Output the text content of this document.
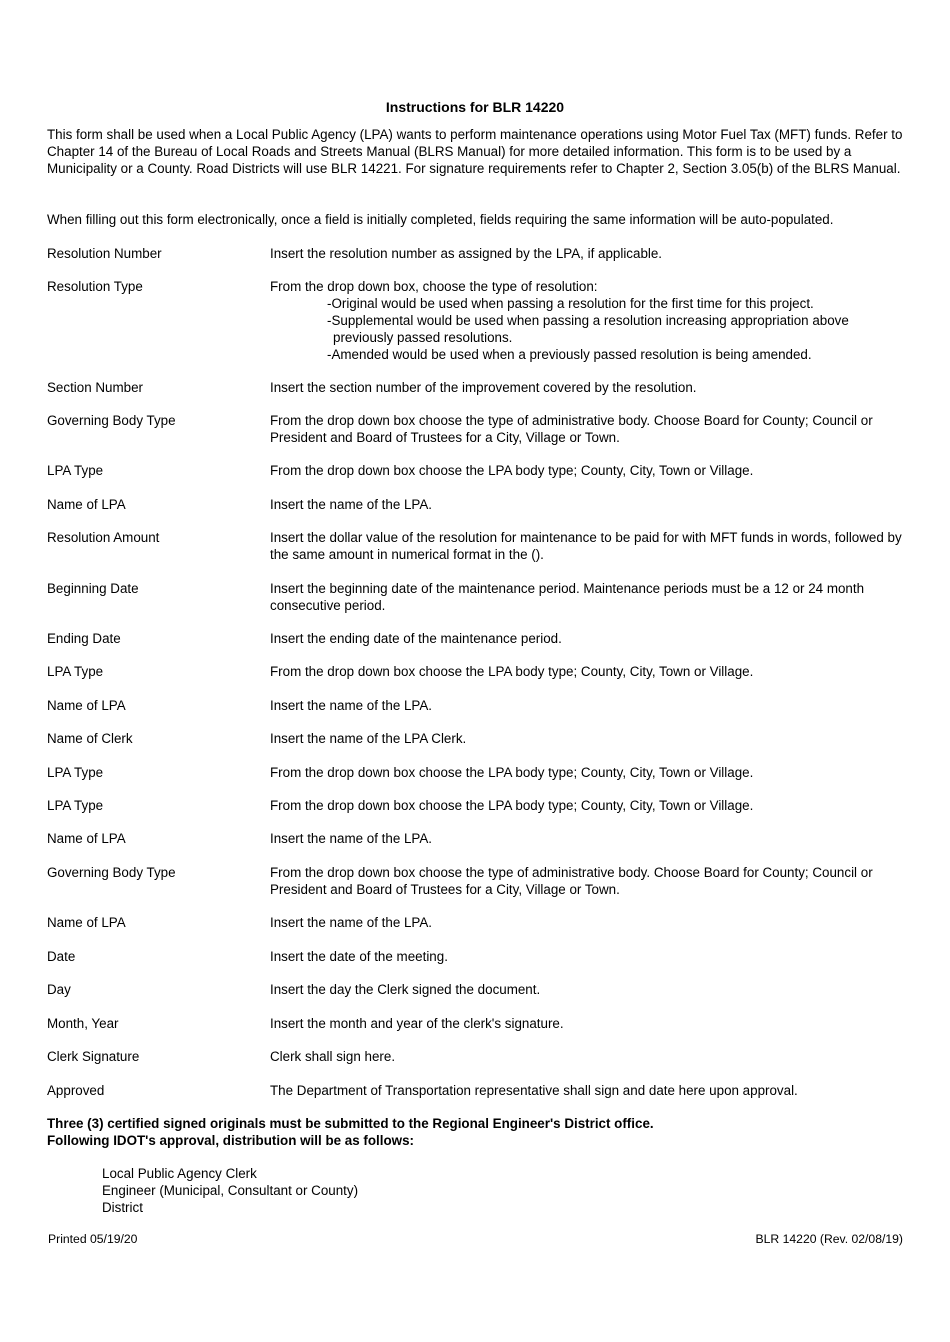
Instructions for BLR 14220

This form shall be used when a Local Public Agency (LPA) wants to perform maintenance operations using Motor Fuel Tax (MFT) funds. Refer to Chapter 14 of the Bureau of Local Roads and Streets Manual (BLRS Manual) for more detailed information. This form is to be used by a Municipality or a County. Road Districts will use BLR 14221. For signature requirements refer to Chapter 2, Section 3.05(b) of the BLRS Manual.

When filling out this form electronically, once a field is initially completed, fields requiring the same information will be auto-populated.

Resolution Number	Insert the resolution number as assigned by the LPA, if applicable.
Resolution Type	From the drop down box, choose the type of resolution:
-Original would be used when passing a resolution for the first time for this project.
-Supplemental would be used when passing a resolution increasing appropriation above
previously passed resolutions.
-Amended would be used when a previously passed resolution is being amended.
Section Number	Insert the section number of the improvement covered by the resolution.
Governing Body Type	From the drop down box choose the type of administrative body. Choose Board for County; Council or President and Board of Trustees for a City, Village or Town.
LPA Type	From the drop down box choose the LPA body type; County, City, Town or Village.
Name of LPA	Insert the name of the LPA.
Resolution Amount	Insert the dollar value of the resolution for maintenance to be paid for with MFT funds in words, followed by the same amount in numerical format in the ().
Beginning Date	Insert the beginning date of the maintenance period. Maintenance periods must be a 12 or 24 month consecutive period.
Ending Date	Insert the ending date of the maintenance period.
LPA Type	From the drop down box choose the LPA body type; County, City, Town or Village.
Name of LPA	Insert the name of the LPA.
Name of Clerk	Insert the name of the LPA Clerk.
LPA Type	From the drop down box choose the LPA body type; County, City, Town or Village.
LPA Type	From the drop down box choose the LPA body type; County, City, Town or Village.
Name of LPA	Insert the name of the LPA.
Governing Body Type	From the drop down box choose the type of administrative body. Choose Board for County; Council or President and Board of Trustees for a City, Village or Town.
Name of LPA	Insert the name of the LPA.
Date	Insert the date of the meeting.
Day	Insert the day the Clerk signed the document.
Month, Year	Insert the month and year of the clerk's signature.
Clerk Signature	Clerk shall sign here.
Approved	The Department of Transportation representative shall sign and date here upon approval.
Three (3) certified signed originals must be submitted to the Regional Engineer's District office.
Following IDOT's approval, distribution will be as follows:
Local Public Agency Clerk
Engineer (Municipal, Consultant or County)
District
Printed 05/19/20	BLR 14220 (Rev. 02/08/19)
